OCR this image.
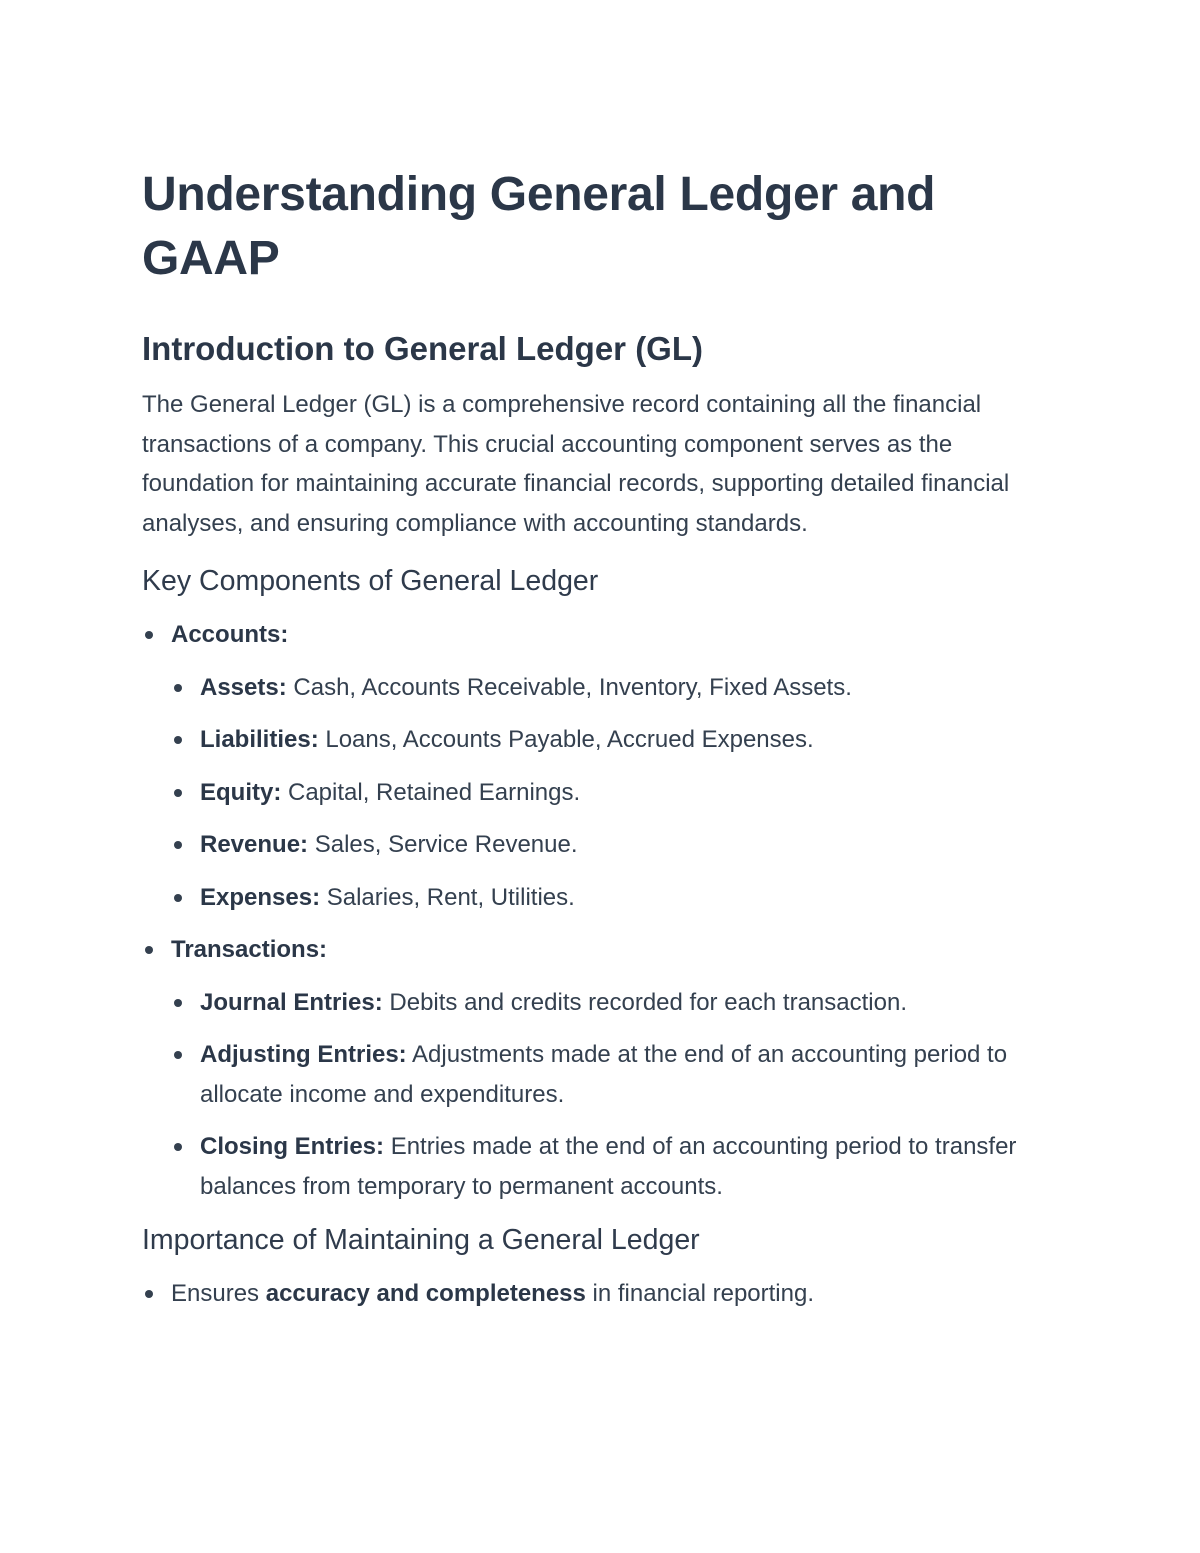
Understanding General Ledger and GAAP
Introduction to General Ledger (GL)

The General Ledger (GL) is a comprehensive record containing all the financial transactions of a company. This crucial accounting component serves as the foundation for maintaining accurate financial records, supporting detailed financial analyses, and ensuring compliance with accounting standards.

Key Components of General Ledger
Accounts:
Assets: Cash, Accounts Receivable, Inventory, Fixed Assets.
Liabilities: Loans, Accounts Payable, Accrued Expenses.
Equity: Capital, Retained Earnings.
Revenue: Sales, Service Revenue.
Expenses: Salaries, Rent, Utilities.
Transactions:
Journal Entries: Debits and credits recorded for each transaction.
Adjusting Entries: Adjustments made at the end of an accounting period to allocate income and expenditures.
Closing Entries: Entries made at the end of an accounting period to transfer balances from temporary to permanent accounts.
Importance of Maintaining a General Ledger
Ensures accuracy and completeness in financial reporting.
